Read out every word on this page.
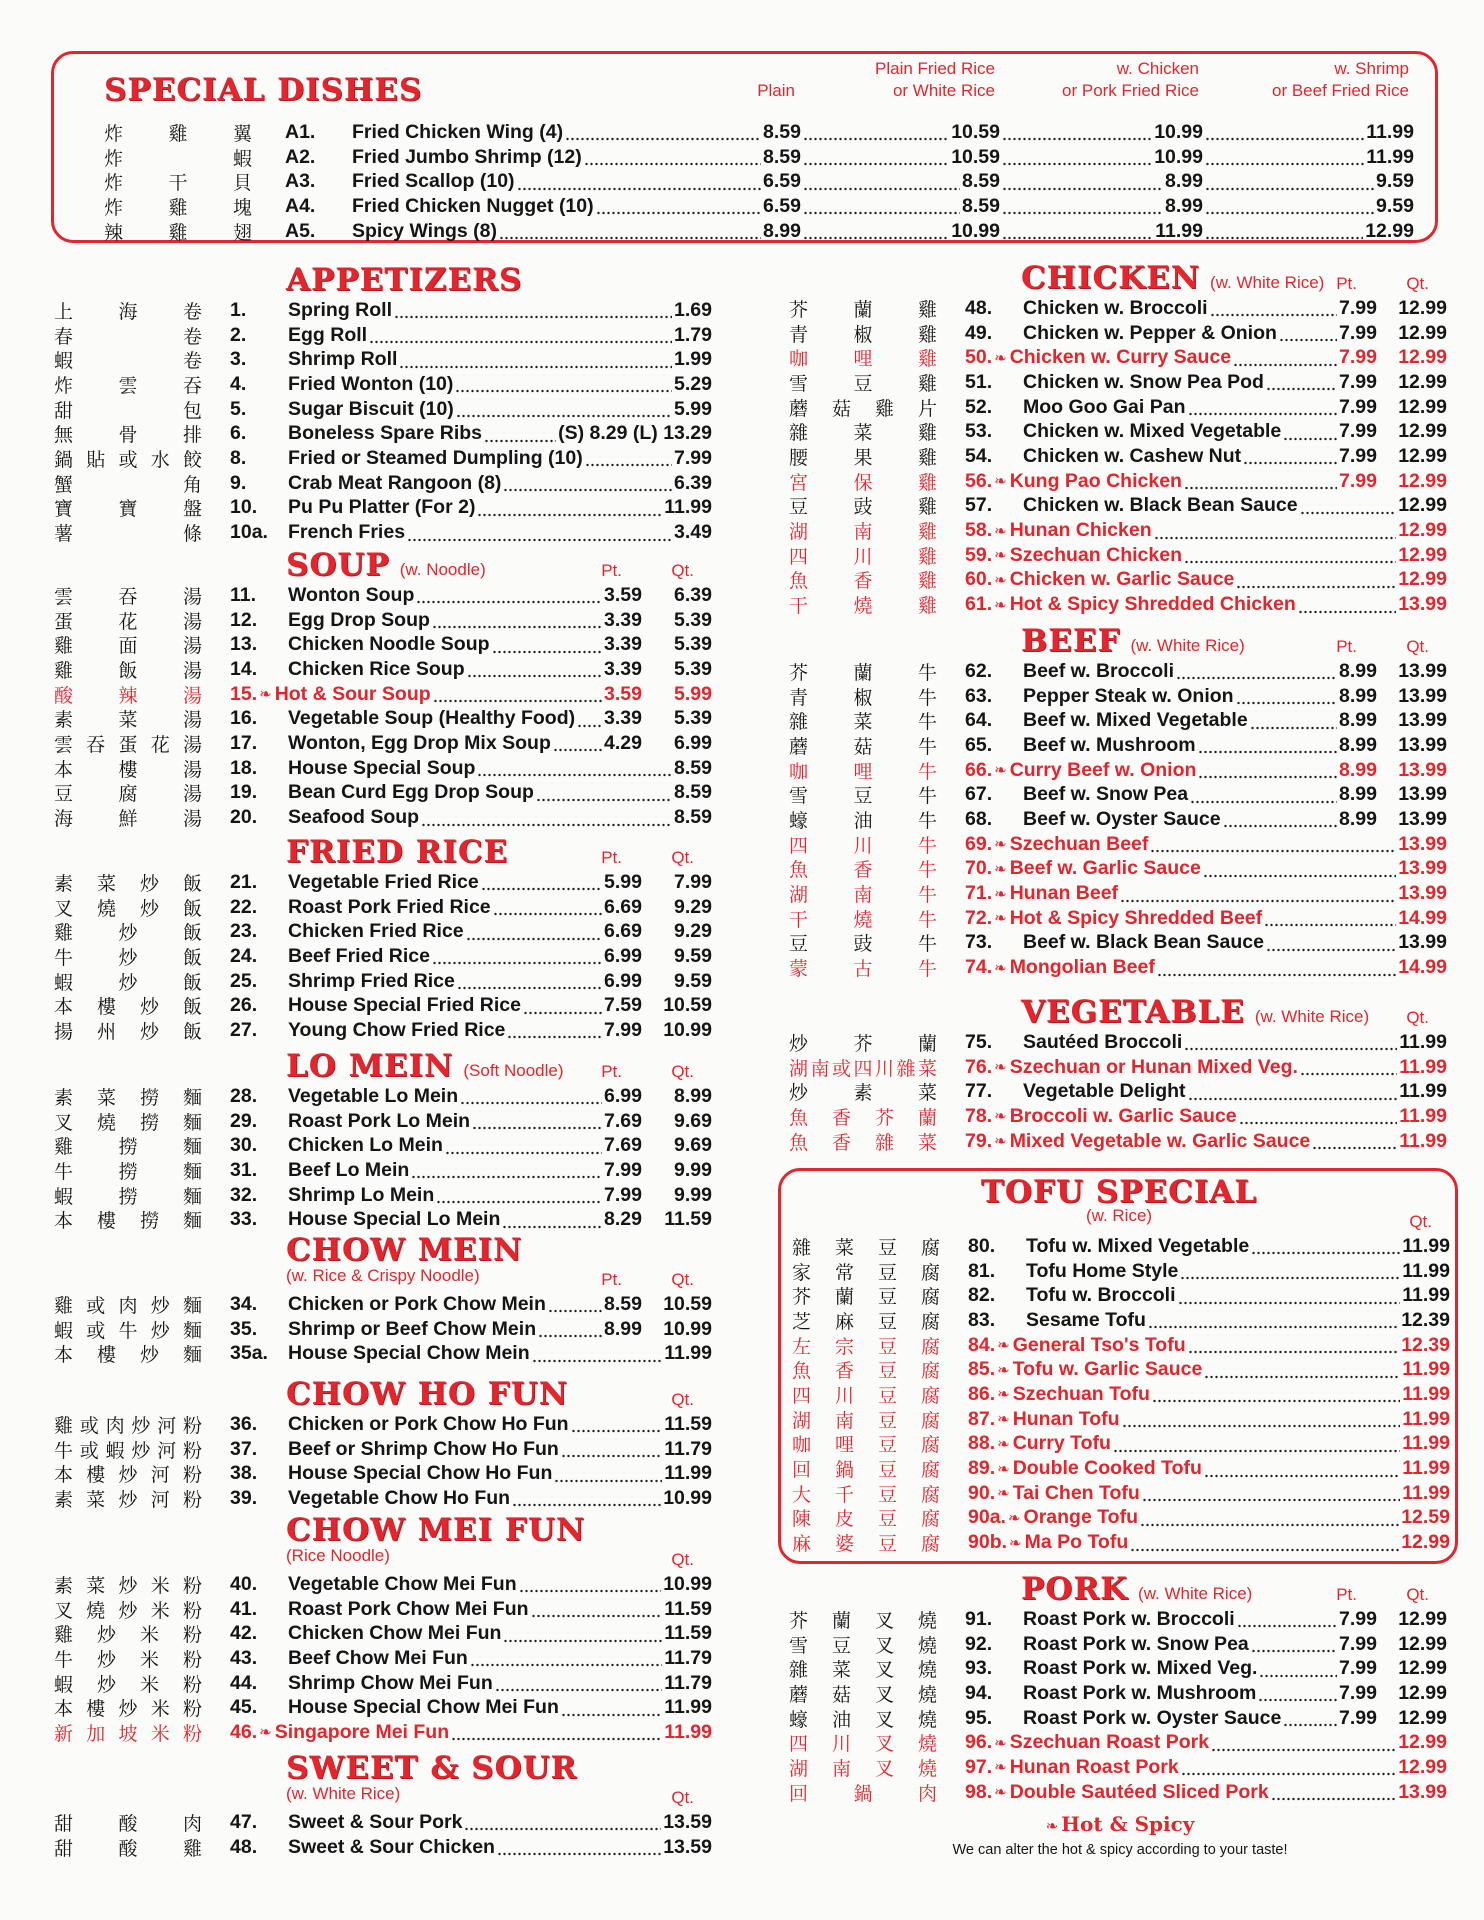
SPECIAL DISHES	Plain
Plain Fried Rice
or White Rice
w. Chicken
or Pork Fried Rice
w. Shrimp
or Beef Fried Rice
炸雞翼 A1.	Fried Chicken Wing (4)	8.59	10.59	10.99	11.99
炸蝦 A2.	Fried Jumbo Shrimp (12)	8.59	10.59	10.99	11.99
炸干貝 A3.	Fried Scallop (10)	6.59	8.59	8.99	9.59
炸雞塊 A4.	Fried Chicken Nugget (10)	6.59	8.59	8.99	9.59
辣雞翅 A5.	Spicy Wings (8)	8.99	10.99	11.99	12.99
APPETIZERS
上海卷 1.	Spring Roll	1.69
春卷 2.	Egg Roll	1.79
蝦卷 3.	Shrimp Roll	1.99
炸雲吞 4.	Fried Wonton (10)	5.29
甜包 5.	Sugar Biscuit (10)	5.99
無骨排 6.	Boneless Spare Ribs	(S) 8.29 (L) 13.29
鍋貼或水餃 8.	Fried or Steamed Dumpling (10)	7.99
蟹角 9.	Crab Meat Rangoon (8)	6.39
寶寶盤 10.	Pu Pu Platter (For 2)	11.99
薯條 10a.	French Fries	3.49
SOUP (w. Noodle)	Pt.	Qt.
雲吞湯 11.	Wonton Soup	3.59	6.39
蛋花湯 12.	Egg Drop Soup	3.39	5.39
雞面湯 13.	Chicken Noodle Soup	3.39	5.39
雞飯湯 14.	Chicken Rice Soup	3.39	5.39
酸辣湯 15. ❧ Hot & Sour Soup	3.59	5.99
素菜湯 16.	Vegetable Soup (Healthy Food) 3.39	5.39
雲吞蛋花湯 17.	Wonton, Egg Drop Mix Soup	4.29	6.99
本樓湯 18.	House Special Soup	8.59
豆腐湯 19.	Bean Curd Egg Drop Soup	8.59
海鮮湯 20.	Seafood Soup	8.59
FRIED RICE	Pt.	Qt.
素菜炒飯 21.	Vegetable Fried Rice	5.99	7.99
叉燒炒飯 22.	Roast Pork Fried Rice	6.69	9.29
雞炒飯 23.	Chicken Fried Rice	6.69	9.29
牛炒飯 24.	Beef Fried Rice	6.99	9.59
蝦炒飯 25.	Shrimp Fried Rice	6.99	9.59
本樓炒飯 26.	House Special Fried Rice	7.59	10.59
揚州炒飯 27.	Young Chow Fried Rice	7.99	10.99
LO MEIN (Soft Noodle) Pt.	Qt.
素菜撈麵 28.	Vegetable Lo Mein	6.99	8.99
叉燒撈麵 29.	Roast Pork Lo Mein	7.69	9.69
雞撈麵 30.	Chicken Lo Mein	7.69	9.69
牛撈麵 31.	Beef Lo Mein	7.99	9.99
蝦撈麵 32.	Shrimp Lo Mein	7.99	9.99
本樓撈麵 33.	House Special Lo Mein	8.29	11.59
CHOW MEIN
(w. Rice & Crispy Noodle)	Pt.	Qt.
雞或肉炒麵 34.	Chicken or Pork Chow Mein	8.59	10.59
蝦或牛炒麵 35.	Shrimp or Beef Chow Mein	8.99	10.99
本樓炒麵 35a.	House Special Chow Mein	11.99
CHOW HO FUN	Qt.
雞或肉炒河粉 36.	Chicken or Pork Chow Ho Fun	11.59
牛或蝦炒河粉 37.	Beef or Shrimp Chow Ho Fun	11.79
本樓炒河粉 38.	House Special Chow Ho Fun	11.99
素菜炒河粉 39.	Vegetable Chow Ho Fun	10.99
CHOW MEI FUN
(Rice Noodle)	Qt.
素菜炒米粉 40.	Vegetable Chow Mei Fun	10.99
叉燒炒米粉 41.	Roast Pork Chow Mei Fun	11.59
雞炒米粉 42.	Chicken Chow Mei Fun	11.59
牛炒米粉 43.	Beef Chow Mei Fun	11.79
蝦炒米粉 44.	Shrimp Chow Mei Fun	11.79
本樓炒米粉 45.	House Special Chow Mei Fun	11.99
新加坡米粉 46. ❧ Singapore Mei Fun	11.99
SWEET & SOUR
(w. White Rice)	Qt.
甜酸肉 47.	Sweet & Sour Pork	13.59
甜酸雞 48.	Sweet & Sour Chicken	13.59
CHICKEN (w. White Rice) Pt.	Qt.
芥蘭雞 48.	Chicken w. Broccoli	7.99	12.99
青椒雞 49.	Chicken w. Pepper & Onion	7.99	12.99
咖哩雞 50. ❧ Chicken w. Curry Sauce	7.99	12.99
雪豆雞 51.	Chicken w. Snow Pea Pod	7.99	12.99
蘑菇雞片 52.	Moo Goo Gai Pan	7.99	12.99
雜菜雞 53.	Chicken w. Mixed Vegetable	7.99	12.99
腰果雞 54.	Chicken w. Cashew Nut	7.99	12.99
宮保雞 56. ❧ Kung Pao Chicken	7.99	12.99
豆豉雞 57.	Chicken w. Black Bean Sauce	12.99
湖南雞 58. ❧ Hunan Chicken	12.99
四川雞 59. ❧ Szechuan Chicken	12.99
魚香雞 60. ❧ Chicken w. Garlic Sauce	12.99
干燒雞 61. ❧ Hot & Spicy Shredded Chicken	13.99
BEEF (w. White Rice)	Pt.	Qt.
芥蘭牛 62.	Beef w. Broccoli	8.99	13.99
青椒牛 63.	Pepper Steak w. Onion	8.99	13.99
雜菜牛 64.	Beef w. Mixed Vegetable	8.99	13.99
蘑菇牛 65.	Beef w. Mushroom	8.99	13.99
咖哩牛 66. ❧ Curry Beef w. Onion	8.99	13.99
雪豆牛 67.	Beef w. Snow Pea	8.99	13.99
蠔油牛 68.	Beef w. Oyster Sauce	8.99	13.99
四川牛 69. ❧ Szechuan Beef	13.99
魚香牛 70. ❧ Beef w. Garlic Sauce	13.99
湖南牛 71. ❧ Hunan Beef	13.99
干燒牛 72. ❧ Hot & Spicy Shredded Beef	14.99
豆豉牛 73.	Beef w. Black Bean Sauce	13.99
蒙古牛 74. ❧ Mongolian Beef	14.99
VEGETABLE (w. White Rice) Qt.
炒芥蘭 75.	Sautéed Broccoli	11.99
湖南或四川雜菜 76. ❧ Szechuan or Hunan Mixed Veg.	11.99
炒素菜 77.	Vegetable Delight	11.99
魚香芥蘭 78. ❧ Broccoli w. Garlic Sauce	11.99
魚香雜菜 79. ❧ Mixed Vegetable w. Garlic Sauce	11.99
TOFU SPECIAL
(w. Rice)	Qt.
雜菜豆腐 80.	Tofu w. Mixed Vegetable	11.99
家常豆腐 81.	Tofu Home Style	11.99
芥蘭豆腐 82.	Tofu w. Broccoli	11.99
芝麻豆腐 83.	Sesame Tofu	12.39
左宗豆腐 84. ❧ General Tso's Tofu	12.39
魚香豆腐 85. ❧ Tofu w. Garlic Sauce	11.99
四川豆腐 86. ❧ Szechuan Tofu	11.99
湖南豆腐 87. ❧ Hunan Tofu	11.99
咖哩豆腐 88. ❧ Curry Tofu	11.99
回鍋豆腐 89. ❧ Double Cooked Tofu	11.99
大千豆腐 90. ❧ Tai Chen Tofu	11.99
陳皮豆腐 90a. ❧ Orange Tofu	12.59
麻婆豆腐 90b. ❧ Ma Po Tofu	12.99
PORK (w. White Rice)	Pt.	Qt.
芥蘭叉燒 91.	Roast Pork w. Broccoli	7.99	12.99
雪豆叉燒 92.	Roast Pork w. Snow Pea	7.99	12.99
雜菜叉燒 93.	Roast Pork w. Mixed Veg.	7.99	12.99
蘑菇叉燒 94.	Roast Pork w. Mushroom	7.99	12.99
蠔油叉燒 95.	Roast Pork w. Oyster Sauce	7.99	12.99
四川叉燒 96. ❧ Szechuan Roast Pork	12.99
湖南叉燒 97. ❧ Hunan Roast Pork	12.99
回鍋肉 98. ❧ Double Sautéed Sliced Pork	13.99
❧ Hot & Spicy
We can alter the hot & spicy according to your taste!
